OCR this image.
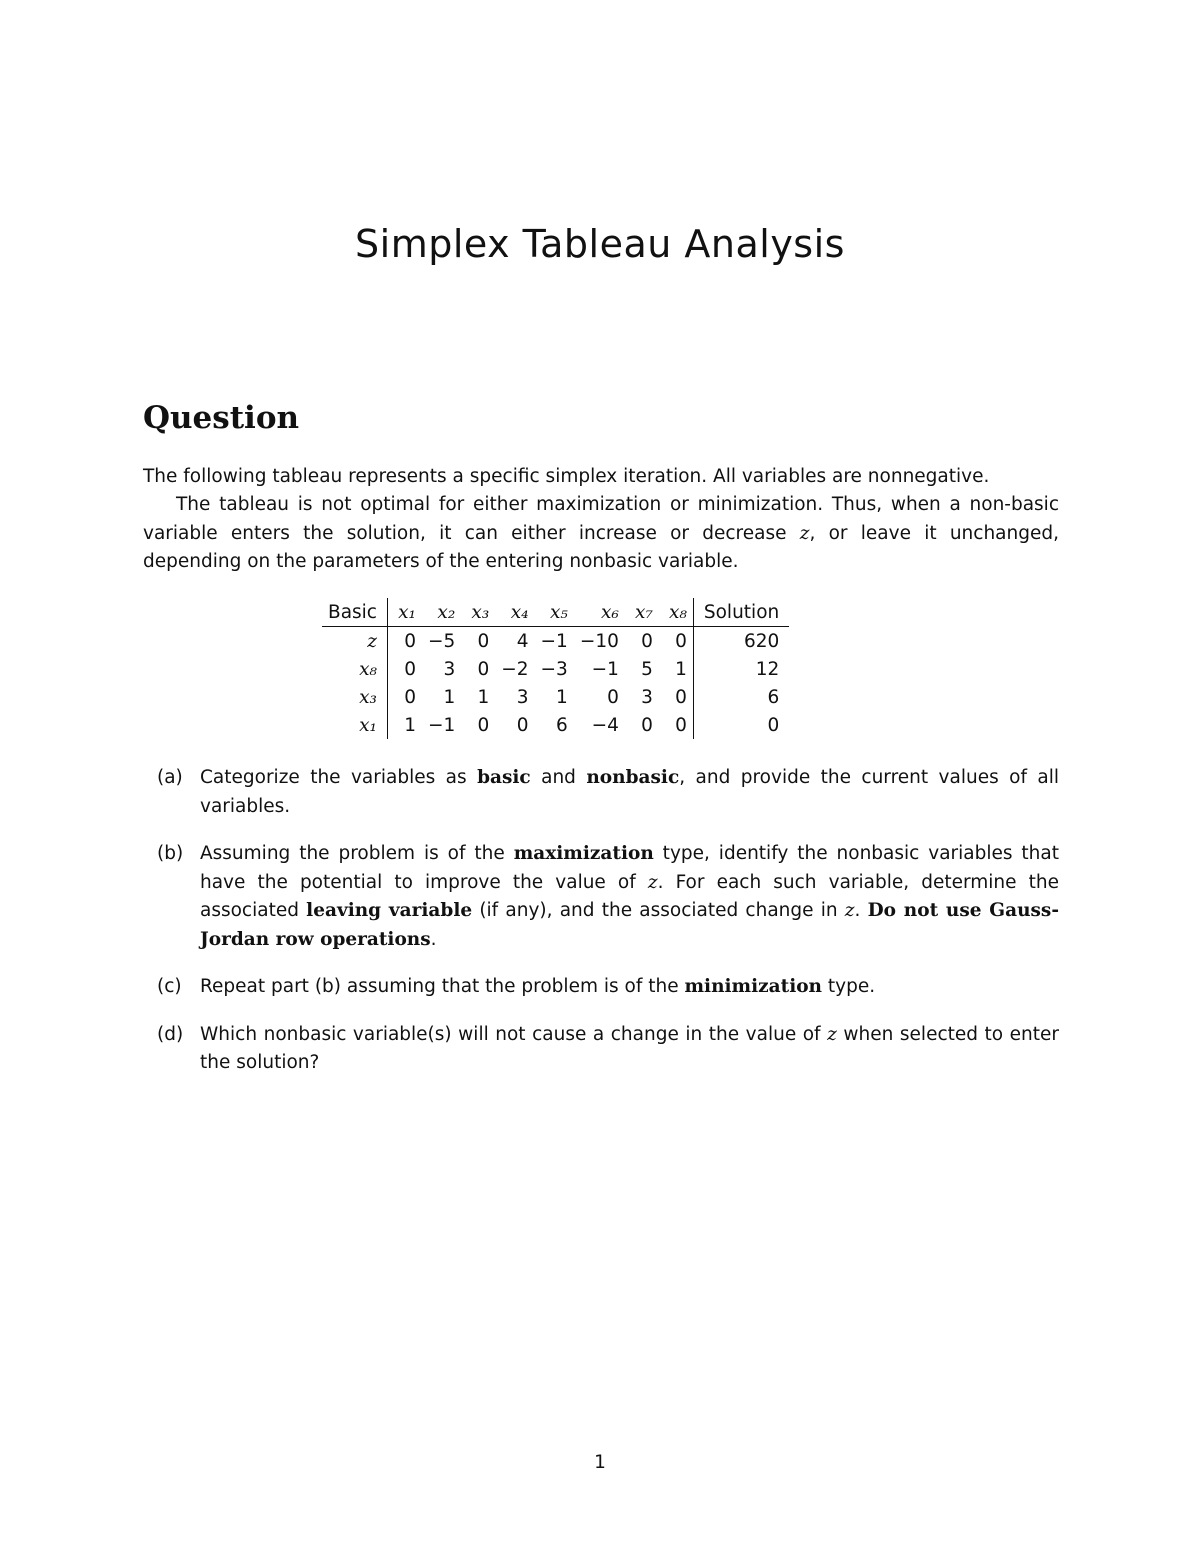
Simplex Tableau Analysis
Question

The following tableau represents a specific simplex iteration. All variables are nonnegative.

The tableau is not optimal for either maximization or minimization. Thus, when a non-basic variable enters the solution, it can either increase or decrease z, or leave it unchanged, depending on the parameters of the entering nonbasic variable.

Basic	x₁	x₂	x₃	x₄	x₅	x₆	x₇	x₈	Solution
z	0	−5	0	4	−1	−10	0	0	620
x₈	0	3	0	−2	−3	−1	5	1	12
x₃	0	1	1	3	1	0	3	0	6
x₁	1	−1	0	0	6	−4	0	0	0
(a) Categorize the variables as basic and nonbasic, and provide the current values of all variables.
(b) Assuming the problem is of the maximization type, identify the nonbasic variables that have the potential to improve the value of z. For each such variable, determine the associated leaving variable (if any), and the associated change in z. Do not use Gauss-Jordan row operations.
(c) Repeat part (b) assuming that the problem is of the minimization type.
(d) Which nonbasic variable(s) will not cause a change in the value of z when selected to enter the solution?
1
